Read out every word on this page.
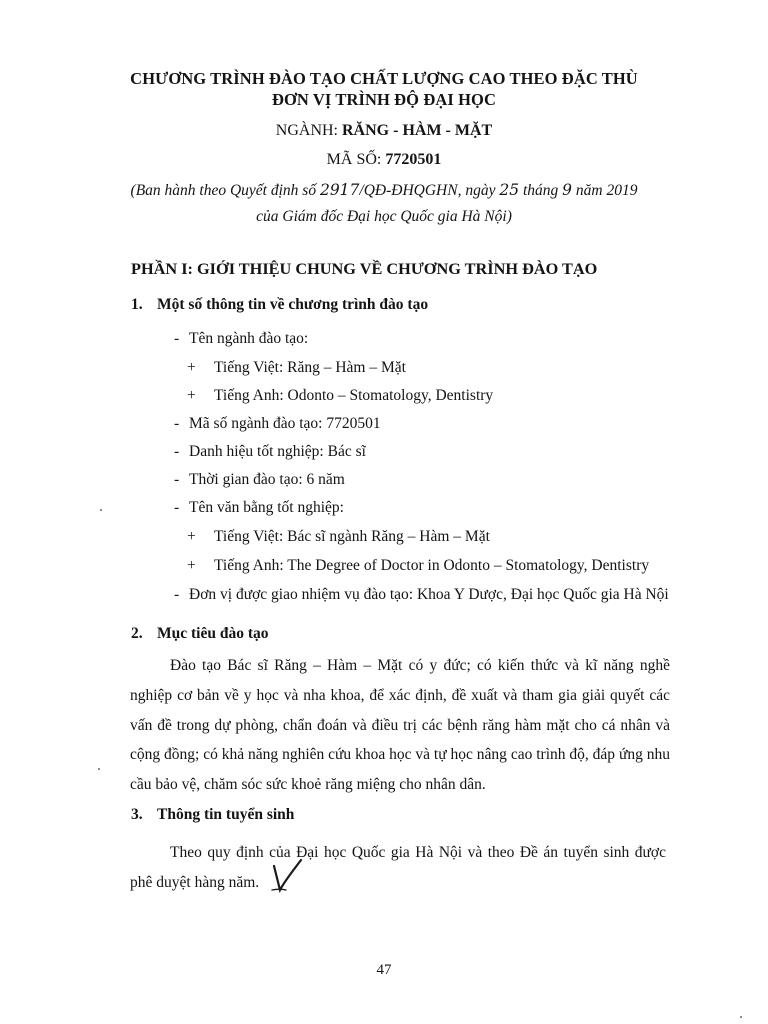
CHƯƠNG TRÌNH ĐÀO TẠO CHẤT LƯỢNG CAO THEO ĐẶC THÙ
ĐƠN VỊ TRÌNH ĐỘ ĐẠI HỌC
NGÀNH: RĂNG - HÀM - MẶT
MÃ SỐ: 7720501
(Ban hành theo Quyết định số 2917/QĐ-ĐHQGHN, ngày 25 tháng 9 năm 2019
của Giám đốc Đại học Quốc gia Hà Nội)
PHẦN I: GIỚI THIỆU CHUNG VỀ CHƯƠNG TRÌNH ĐÀO TẠO
1. Một số thông tin về chương trình đào tạo
- Tên ngành đào tạo:
+ Tiếng Việt: Răng – Hàm – Mặt
+ Tiếng Anh: Odonto – Stomatology, Dentistry
- Mã số ngành đào tạo: 7720501
- Danh hiệu tốt nghiệp: Bác sĩ
- Thời gian đào tạo: 6 năm
- Tên văn bằng tốt nghiệp:
+ Tiếng Việt: Bác sĩ ngành Răng – Hàm – Mặt
+ Tiếng Anh: The Degree of Doctor in Odonto – Stomatology, Dentistry
- Đơn vị được giao nhiệm vụ đào tạo: Khoa Y Dược, Đại học Quốc gia Hà Nội
2. Mục tiêu đào tạo
Đào tạo Bác sĩ Răng – Hàm – Mặt có y đức; có kiến thức và kĩ năng nghề nghiệp cơ bản về y học và nha khoa, để xác định, đề xuất và tham gia giải quyết các vấn đề trong dự phòng, chẩn đoán và điều trị các bệnh răng hàm mặt cho cá nhân và cộng đồng; có khả năng nghiên cứu khoa học và tự học nâng cao trình độ, đáp ứng nhu cầu bảo vệ, chăm sóc sức khoẻ răng miệng cho nhân dân.
3. Thông tin tuyển sinh
Theo quy định của Đại học Quốc gia Hà Nội và theo Đề án tuyển sinh được phê duyệt hàng năm.
47
